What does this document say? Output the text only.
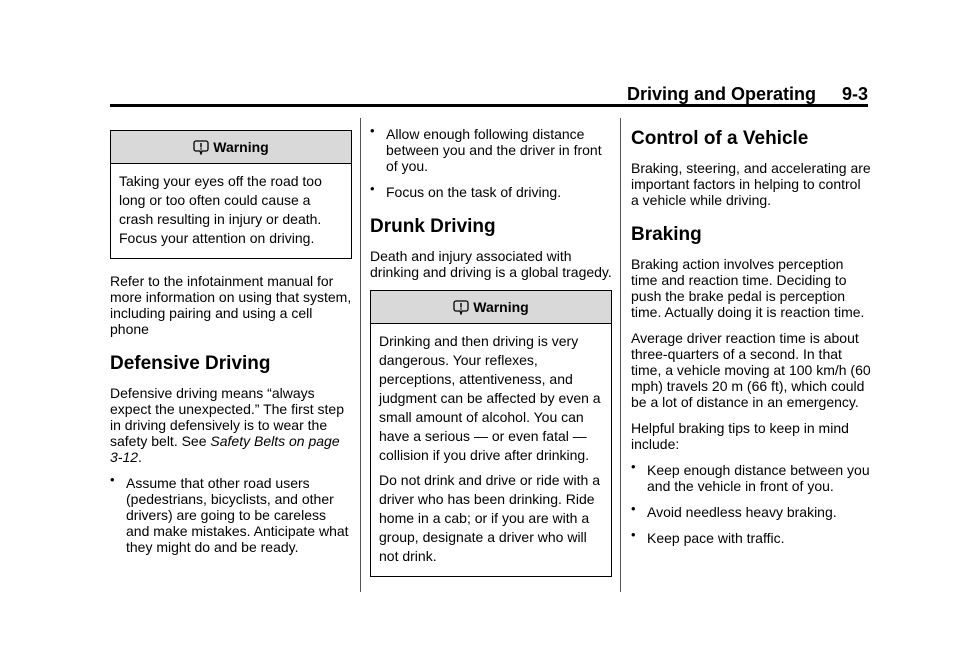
Driving and Operating 9-3
Warning

Taking your eyes off the road too long or too often could cause a crash resulting in injury or death. Focus your attention on driving.

Refer to the infotainment manual for more information on using that system, including pairing and using a cell phone

Defensive Driving

Defensive driving means “always expect the unexpected.” The first step in driving defensively is to wear the safety belt. See Safety Belts on page 3-12.

• Assume that other road users (pedestrians, bicyclists, and other drivers) are going to be careless and make mistakes. Anticipate what they might do and be ready.
• Allow enough following distance between you and the driver in front of you.
• Focus on the task of driving.
Drunk Driving

Death and injury associated with drinking and driving is a global tragedy.

Warning

Drinking and then driving is very dangerous. Your reflexes, perceptions, attentiveness, and judgment can be affected by even a small amount of alcohol. You can have a serious — or even fatal — collision if you drive after drinking.

Do not drink and drive or ride with a driver who has been drinking. Ride home in a cab; or if you are with a group, designate a driver who will not drink.

Control of a Vehicle

Braking, steering, and accelerating are important factors in helping to control a vehicle while driving.

Braking

Braking action involves perception time and reaction time. Deciding to push the brake pedal is perception time. Actually doing it is reaction time.

Average driver reaction time is about three-quarters of a second. In that time, a vehicle moving at 100 km/h (60 mph) travels 20 m (66 ft), which could be a lot of distance in an emergency.

Helpful braking tips to keep in mind include:

• Keep enough distance between you and the vehicle in front of you.
• Avoid needless heavy braking.
• Keep pace with traffic.
